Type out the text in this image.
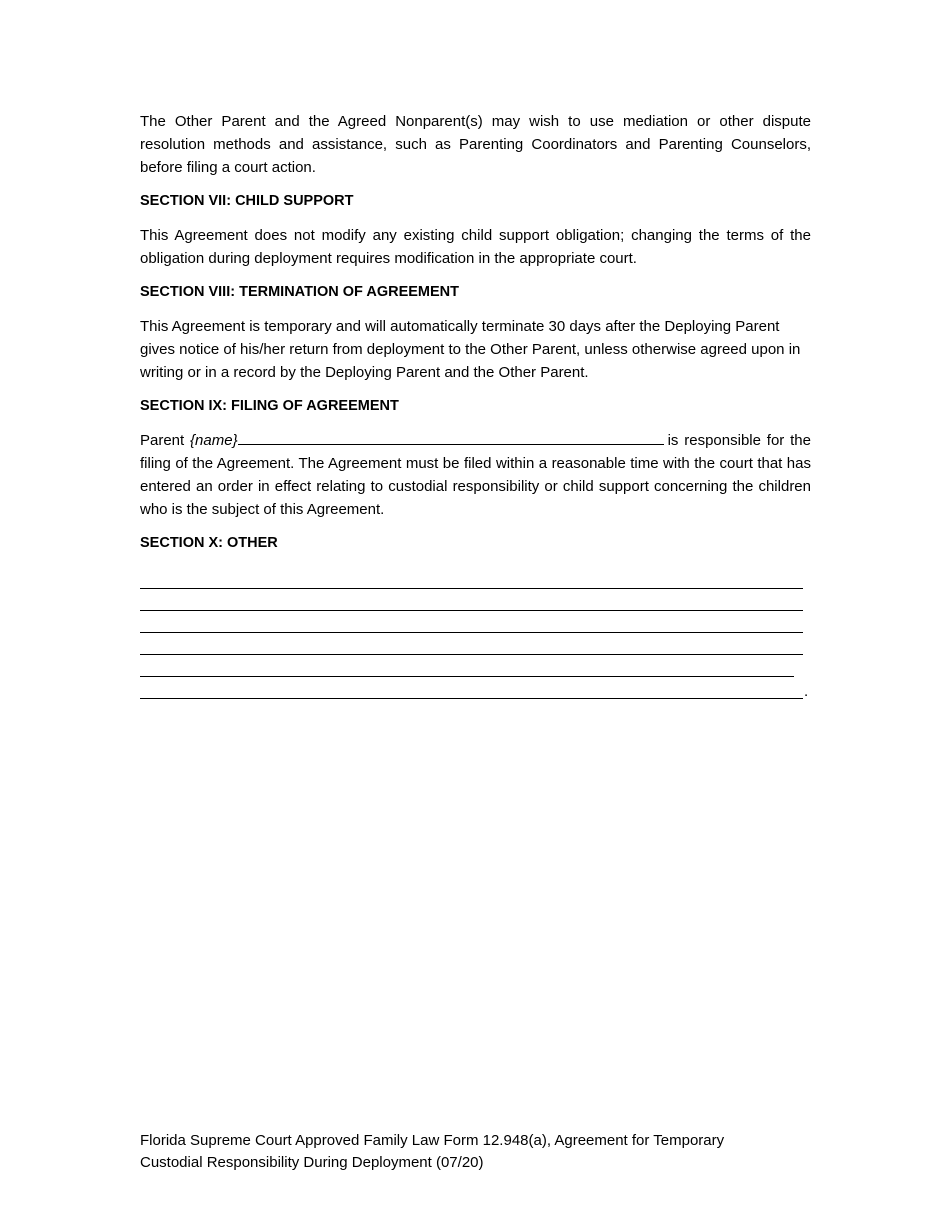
The Other Parent and the Agreed Nonparent(s) may wish to use mediation or other dispute resolution methods and assistance, such as Parenting Coordinators and Parenting Counselors, before filing a court action.

SECTION VII: CHILD SUPPORT

This Agreement does not modify any existing child support obligation; changing the terms of the obligation during deployment requires modification in the appropriate court.

SECTION VIII: TERMINATION OF AGREEMENT

This Agreement is temporary and will automatically terminate 30 days after the Deploying Parent gives notice of his/her return from deployment to the Other Parent, unless otherwise agreed upon in writing or in a record by the Deploying Parent and the Other Parent.

SECTION IX: FILING OF AGREEMENT

Parent {name}	is responsible for the filing of the Agreement. The Agreement must be filed within a reasonable time with the court that has entered an order in effect relating to custodial responsibility or child support concerning the children who is the subject of this Agreement.

SECTION X: OTHER
.
Florida Supreme Court Approved Family Law Form 12.948(a), Agreement for Temporary
Custodial Responsibility During Deployment (07/20)
